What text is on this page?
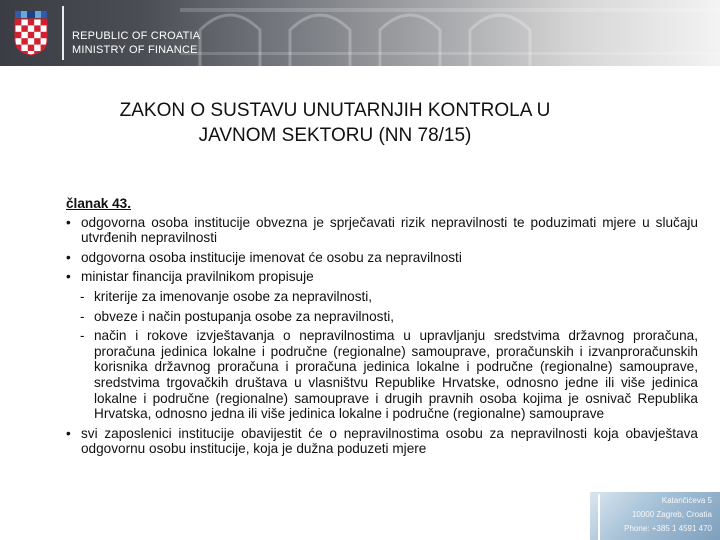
REPUBLIC OF CROATIA
MINISTRY OF FINANCE
ZAKON O SUSTAVU UNUTARNJIH KONTROLA U
JAVNOM SEKTORU (NN 78/15)
članak 43.
• odgovorna osoba institucije obvezna je sprječavati rizik nepravilnosti te poduzimati mjere u slučaju utvrđenih nepravilnosti
• odgovorna osoba institucije imenovat će osobu za nepravilnosti
• ministar financija pravilnikom propisuje
- kriterije za imenovanje osobe za nepravilnosti,
- obveze i način postupanja osobe za nepravilnosti,
- način i rokove izvještavanja o nepravilnostima u upravljanju sredstvima državnog proračuna, proračuna jedinica lokalne i područne (regionalne) samouprave, proračunskih i izvanproračunskih korisnika državnog proračuna i proračuna jedinica lokalne i područne (regionalne) samouprave, sredstvima trgovačkih društava u vlasništvu Republike Hrvatske, odnosno jedne ili više jedinica lokalne i područne (regionalne) samouprave i drugih pravnih osoba kojima je osnivač Republika Hrvatska, odnosno jedna ili više jedinica lokalne i područne (regionalne) samouprave
• svi zaposlenici institucije obavijestit će o nepravilnostima osobu za nepravilnosti koja obavještava odgovornu osobu institucije, koja je dužna poduzeti mjere
Katančićeva 5
10000 Zagreb, Croatia
Phone: +385 1 4591 470
